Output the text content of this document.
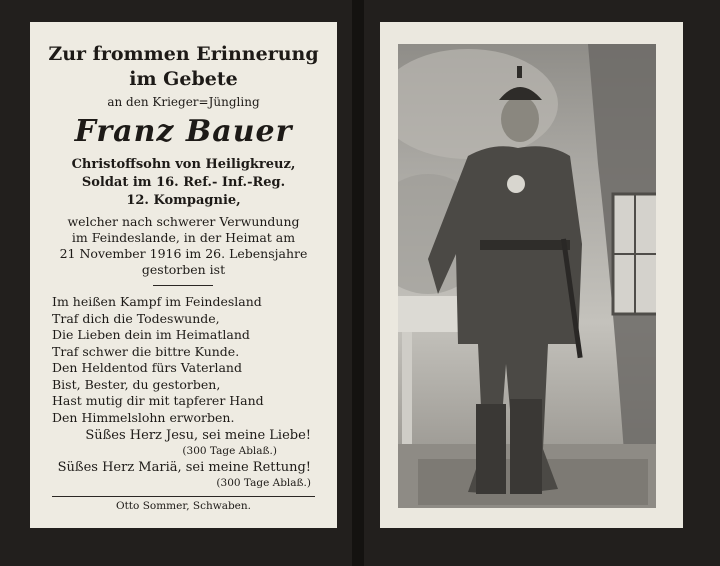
Zur frommen Erinnerung
im Gebete
an den Krieger=Jüngling
Franz Bauer
Christoffsohn von Heiligkreuz,
Soldat im 16. Ref.- Inf.-Reg.
12. Kompagnie,
welcher nach schwerer Verwundung
im Feindeslande, in der Heimat am
21 November 1916 im 26. Lebensjahre
gestorben ist
Im heißen Kampf im Feindesland
Traf dich die Todeswunde,
Die Lieben dein im Heimatland
Traf schwer die bittre Kunde.
Den Heldentod fürs Vaterland
Bist, Bester, du gestorben,
Hast mutig dir mit tapferer Hand
Den Himmelslohn erworben.
Süßes Herz Jesu, sei meine Liebe!
(300 Tage Ablaß.)
Süßes Herz Mariä, sei meine Rettung!
(300 Tage Ablaß.)
Otto Sommer, Schwaben.
